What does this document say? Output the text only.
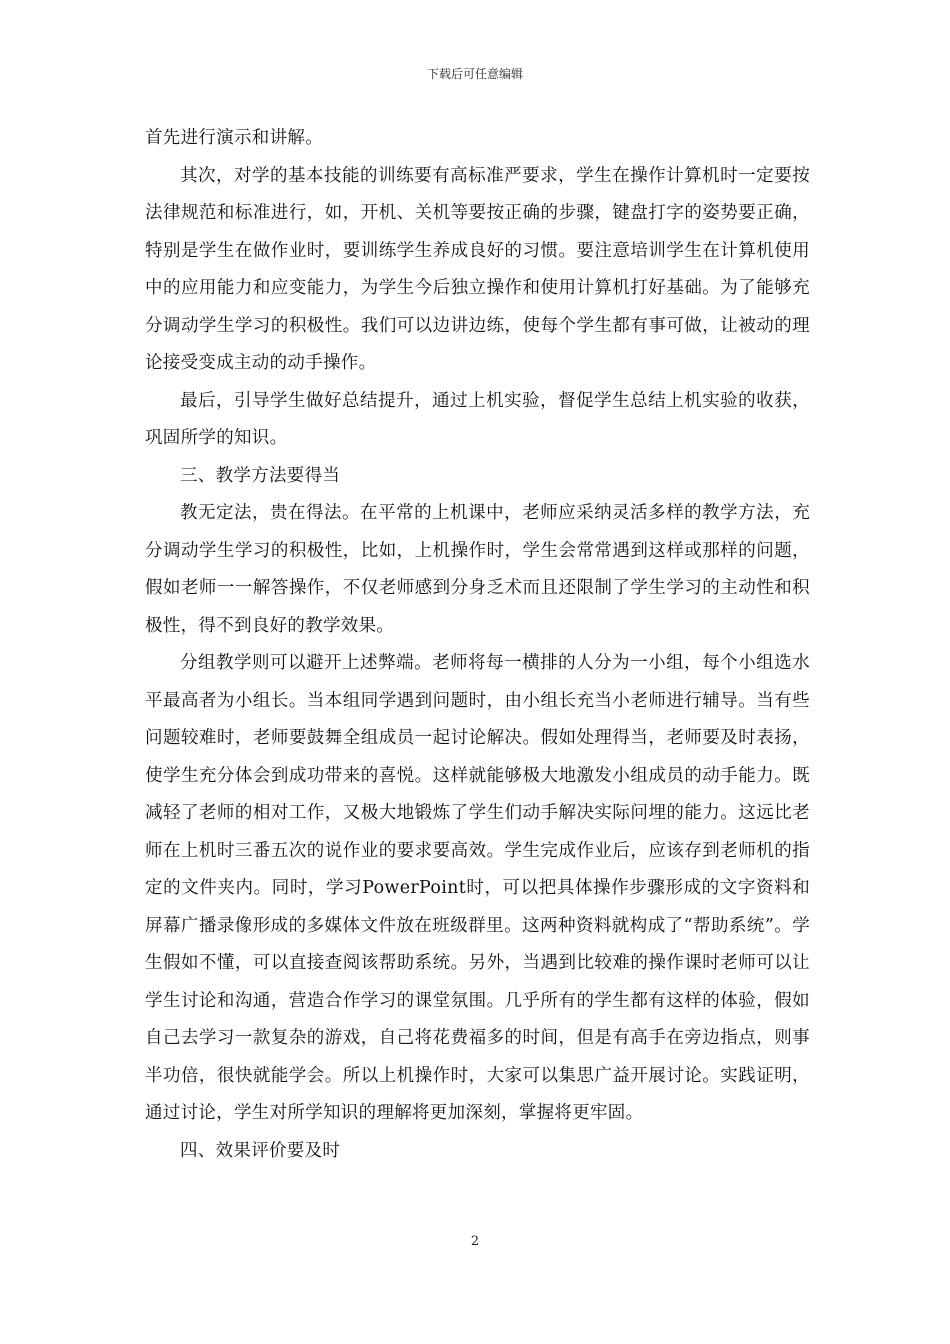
下载后可任意编辑

首先进行演示和讲解。

其次，对学的基本技能的训练要有高标准严要求，学生在操作计算机时一定要按法律规范和标准进行，如，开机、关机等要按正确的步骤，键盘打字的姿势要正确，特别是学生在做作业时，要训练学生养成良好的习惯。要注意培训学生在计算机使用中的应用能力和应变能力，为学生今后独立操作和使用计算机打好基础。为了能够充分调动学生学习的积极性。我们可以边讲边练，使每个学生都有事可做，让被动的理论接受变成主动的动手操作。

最后，引导学生做好总结提升，通过上机实验，督促学生总结上机实验的收获，巩固所学的知识。

三、教学方法要得当

教无定法，贵在得法。在平常的上机课中，老师应采纳灵活多样的教学方法，充分调动学生学习的积极性，比如，上机操作时，学生会常常遇到这样或那样的问题，假如老师一一解答操作，不仅老师感到分身乏术而且还限制了学生学习的主动性和积极性，得不到良好的教学效果。

分组教学则可以避开上述弊端。老师将每一横排的人分为一小组，每个小组选水平最高者为小组长。当本组同学遇到问题时，由小组长充当小老师进行辅导。当有些问题较难时，老师要鼓舞全组成员一起讨论解决。假如处理得当，老师要及时表扬，使学生充分体会到成功带来的喜悦。这样就能够极大地激发小组成员的动手能力。既减轻了老师的相对工作，又极大地锻炼了学生们动手解决实际问埋的能力。这远比老师在上机时三番五次的说作业的要求要高效。学生完成作业后，应该存到老师机的指定的文件夹内。同时，学习PowerPoint时，可以把具体操作步骤形成的文字资料和屏幕广播录像形成的多媒体文件放在班级群里。这两种资料就构成了“帮助系统”。学生假如不懂，可以直接查阅该帮助系统。另外，当遇到比较难的操作课时老师可以让学生讨论和沟通，营造合作学习的课堂氛围。几乎所有的学生都有这样的体验，假如自己去学习一款复杂的游戏，自己将花费福多的时间，但是有高手在旁边指点，则事半功倍，很快就能学会。所以上机操作时，大家可以集思广益开展讨论。实践证明，通过讨论，学生对所学知识的理解将更加深刻，掌握将更牢固。

四、效果评价要及时

2
